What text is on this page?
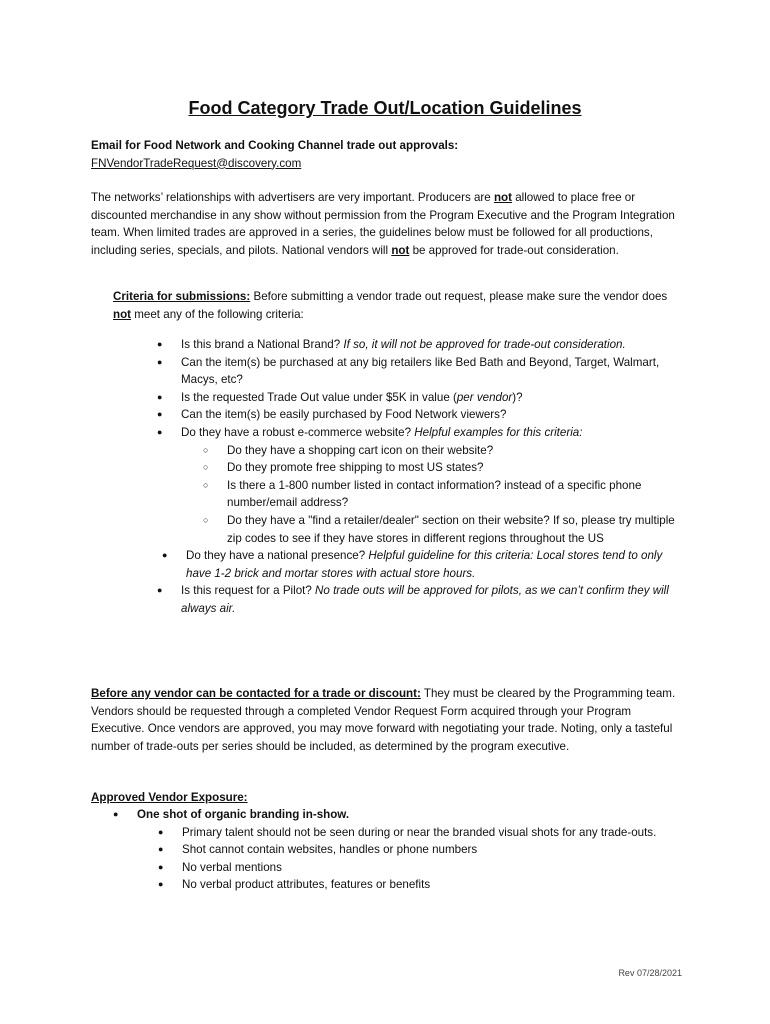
Food Category Trade Out/Location Guidelines
Email for Food Network and Cooking Channel trade out approvals:
FNVendorTradeRequest@discovery.com
The networks’ relationships with advertisers are very important. Producers are not allowed to place free or discounted merchandise in any show without permission from the Program Executive and the Program Integration team. When limited trades are approved in a series, the guidelines below must be followed for all productions, including series, specials, and pilots. National vendors will not be approved for trade-out consideration.
Criteria for submissions: Before submitting a vendor trade out request, please make sure the vendor does not meet any of the following criteria:
● Is this brand a National Brand? If so, it will not be approved for trade-out consideration.
● Can the item(s) be purchased at any big retailers like Bed Bath and Beyond, Target, Walmart, Macys, etc?
● Is the requested Trade Out value under $5K in value (per vendor)?
● Can the item(s) be easily purchased by Food Network viewers?
● Do they have a robust e-commerce website? Helpful examples for this criteria:
○ Do they have a shopping cart icon on their website?
○ Do they promote free shipping to most US states?
○ Is there a 1-800 number listed in contact information? instead of a specific phone number/email address?
○ Do they have a "find a retailer/dealer" section on their website? If so, please try multiple zip codes to see if they have stores in different regions throughout the US
● Do they have a national presence? Helpful guideline for this criteria: Local stores tend to only have 1-2 brick and mortar stores with actual store hours.
● Is this request for a Pilot? No trade outs will be approved for pilots, as we can’t confirm they will always air.
Before any vendor can be contacted for a trade or discount: They must be cleared by the Programming team. Vendors should be requested through a completed Vendor Request Form acquired through your Program Executive. Once vendors are approved, you may move forward with negotiating your trade. Noting, only a tasteful number of trade-outs per series should be included, as determined by the program executive.
Approved Vendor Exposure:
● One shot of organic branding in-show.
● Primary talent should not be seen during or near the branded visual shots for any trade-outs.
● Shot cannot contain websites, handles or phone numbers
● No verbal mentions
● No verbal product attributes, features or benefits
Rev 07/28/2021
